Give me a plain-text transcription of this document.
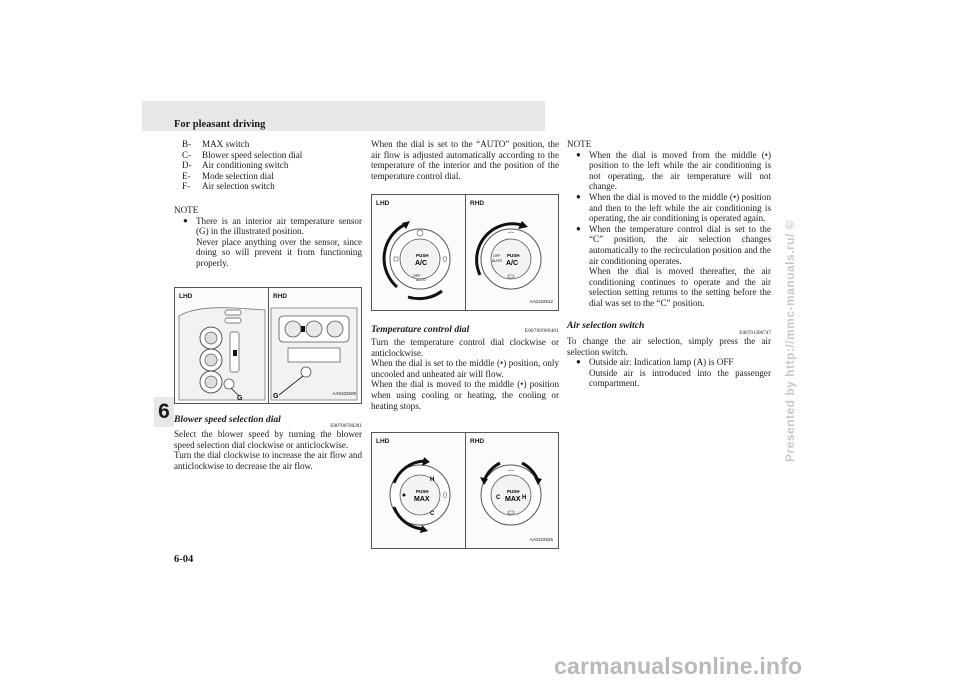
For pleasant driving
6
6-04
Presented by http://mmc-manuals.ru/ ©
carmanualsonline.info
B-	MAX switch
C-	Blower speed selection dial
D-	Air conditioning switch
E-	Mode selection dial
F-	Air selection switch
NOTE
● There is an interior air temperature sensor (G) in the illustrated position.

Never place anything over the sensor, since doing so will prevent it from functioning properly.

G	G
LHD	RHD
AA0102609
Blower speed selection dial
E00700700281

Select the blower speed by turning the blower speed selection dial clockwise or anticlockwise.

Turn the dial clockwise to increase the air flow and anticlockwise to decrease the air flow.

When the dial is set to the “AUTO” position, the air flow is adjusted automatically according to the temperature of the interior and the position of the temperature control dial.

PUSH
A/C
OFF
AUTO
PUSH
A/C
OFF
AUTO
LHD	RHD
AA0102612
Temperature control dial	E00700900401

Turn the temperature control dial clockwise or anticlockwise.

When the dial is set to the middle (•) position, only uncooled and unheated air will flow.

When the dial is moved to the middle (•) position when using cooling or heating, the cooling or heating stops.

PUSH
MAX
H
C
PUSH
MAX
C	H
LHD	RHD
AA0102625
NOTE
● When the dial is moved from the middle (•) position to the left while the air conditioning is not operating, the air temperature will not change.

● When the dial is moved to the middle (•) position and then to the left while the air conditioning is operating, the air conditioning is operated again.

● When the temperature control dial is set to the “C” position, the air selection changes automatically to the recirculation position and the air conditioning operates.

When the dial is moved thereafter, the air conditioning continues to operate and the air selection setting returns to the setting before the dial was set to the “C” position.

Air selection switch
E00701300747

To change the air selection, simply press the air selection switch.

● Outside air: Indication lamp (A) is OFF

Outside air is introduced into the passenger compartment.
